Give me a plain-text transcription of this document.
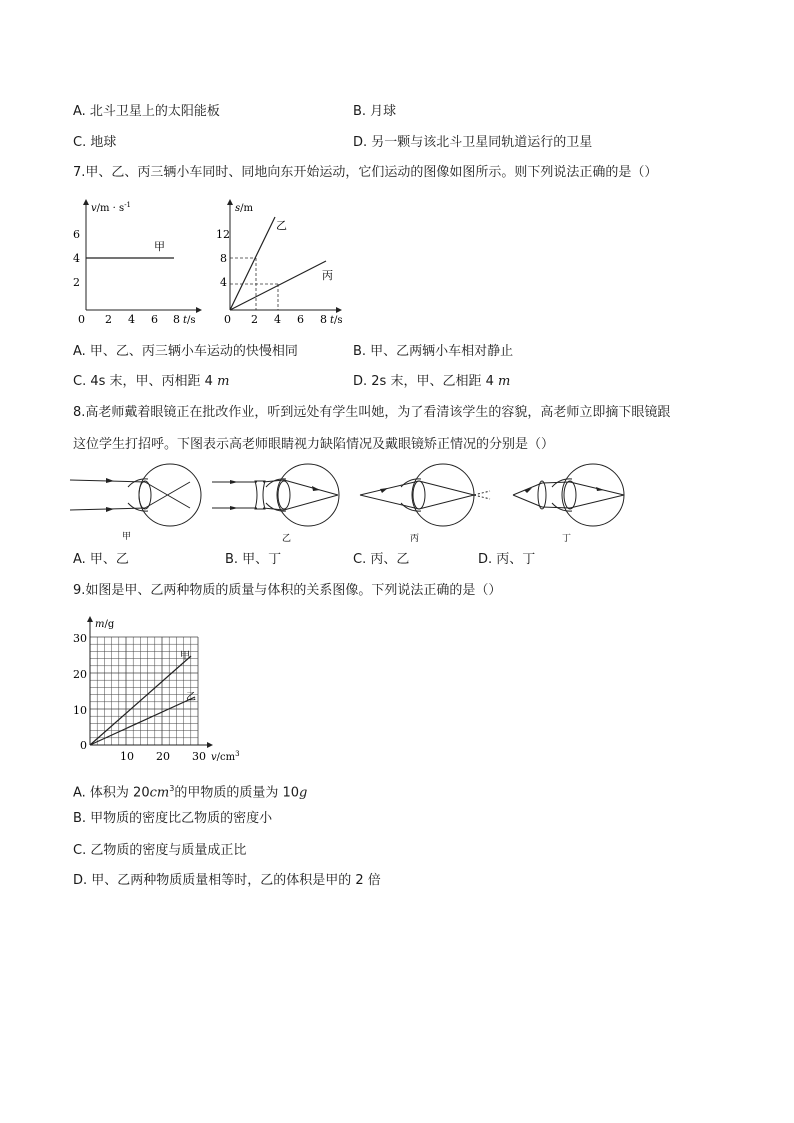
A. 北斗卫星上的太阳能板	B. 月球
C. 地球	D. 另一颗与该北斗卫星同轨道运行的卫星
7.甲、乙、丙三辆小车同时、同地向东开始运动，它们运动的图像如图所示。则下列说法正确的是（）
$v/m \cdot s^{-1}$
6
4
2
0 2 4 6 8 t/s
甲
s/m
12
8
4
0 2 4 6 8 t/s
乙
丙
A. 甲、乙、丙三辆小车运动的快慢相同	B. 甲、乙两辆小车相对静止
C. 4s 末，甲、丙相距 4 m	D. 2s 末，甲、乙相距 4 m
8.高老师戴着眼镜正在批改作业，听到远处有学生叫她，为了看清该学生的容貌，高老师立即摘下眼镜跟
这位学生打招呼。下图表示高老师眼睛视力缺陷情况及戴眼镜矫正情况的分别是（）
甲	乙	丙	丁
A. 甲、乙	B. 甲、丁	C. 丙、乙	D. 丙、丁
9.如图是甲、乙两种物质的质量与体积的关系图像。下列说法正确的是（）
m/g
30
20
10
0
10 20 30 $v/cm^3$
甲
乙
A. 体积为 $20cm^3$的甲物质的质量为 10g
B. 甲物质的密度比乙物质的密度小
C. 乙物质的密度与质量成正比
D. 甲、乙两种物质质量相等时，乙的体积是甲的 2 倍
